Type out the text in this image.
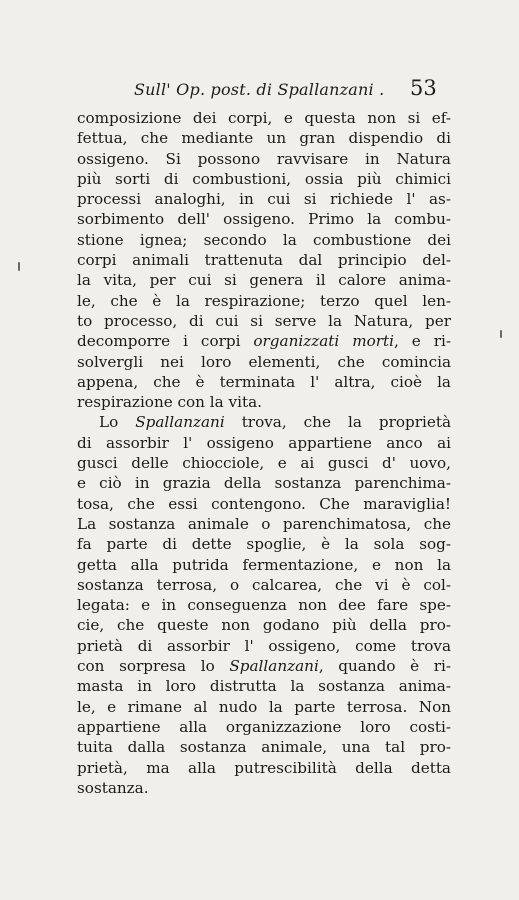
Sull' Op. post. di Spallanzani . 53
composizione dei corpi, e questa non si ef-
fettua, che mediante un gran dispendio di
ossigeno. Si possono ravvisare in Natura
più sorti di combustioni, ossia più chimici
processi analoghi, in cui si richiede l' as-
sorbimento dell' ossigeno. Primo la combu-
stione ignea; secondo la combustione dei
corpi animali trattenuta dal principio del-
la vita, per cui si genera il calore anima-
le, che è la respirazione; terzo quel len-
to processo, di cui si serve la Natura, per
decomporre i corpi organizzati morti, e ri-
solvergli nei loro elementi, che comincia
appena, che è terminata l' altra, cioè la
respirazione con la vita.
Lo Spallanzani trova, che la proprietà
di assorbir l' ossigeno appartiene anco ai
gusci delle chiocciole, e ai gusci d' uovo,
e ciò in grazia della sostanza parenchima-
tosa, che essi contengono. Che maraviglia!
La sostanza animale o parenchimatosa, che
fa parte di dette spoglie, è la sola sog-
getta alla putrida fermentazione, e non la
sostanza terrosa, o calcarea, che vi è col-
legata: e in conseguenza non dee fare spe-
cie, che queste non godano più della pro-
prietà di assorbir l' ossigeno, come trova
con sorpresa lo Spallanzani, quando è ri-
masta in loro distrutta la sostanza anima-
le, e rimane al nudo la parte terrosa. Non
appartiene alla organizzazione loro costi-
tuita dalla sostanza animale, una tal pro-
prietà, ma alla putrescibilità della detta
sostanza.
